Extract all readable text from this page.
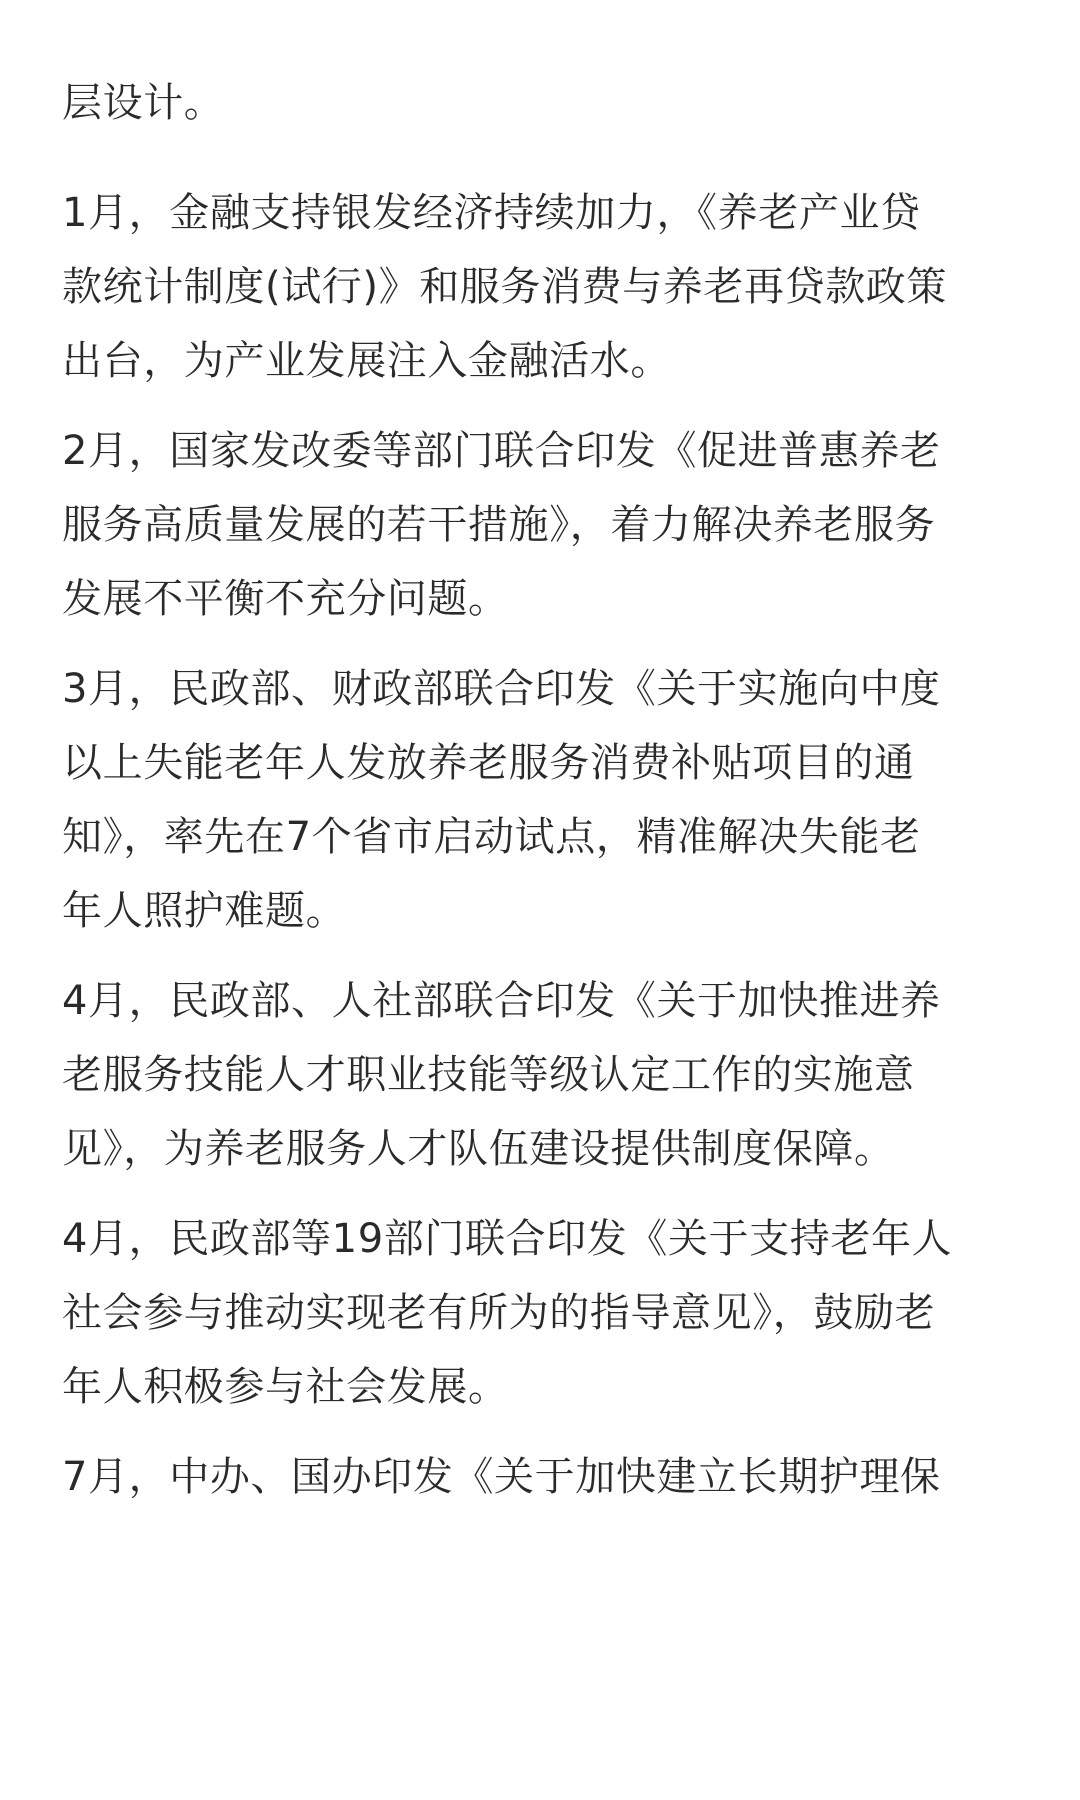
层设计。

1月，金融支持银发经济持续加力，《养老产业贷
款统计制度(试行)》和服务消费与养老再贷款政策
出台，为产业发展注入金融活水。

2月，国家发改委等部门联合印发《促进普惠养老
服务高质量发展的若干措施》，着力解决养老服务
发展不平衡不充分问题。

3月，民政部、财政部联合印发《关于实施向中度
以上失能老年人发放养老服务消费补贴项目的通
知》，率先在7个省市启动试点，精准解决失能老
年人照护难题。

4月，民政部、人社部联合印发《关于加快推进养
老服务技能人才职业技能等级认定工作的实施意
见》，为养老服务人才队伍建设提供制度保障。

4月，民政部等19部门联合印发《关于支持老年人
社会参与推动实现老有所为的指导意见》，鼓励老
年人积极参与社会发展。

7月，中办、国办印发《关于加快建立长期护理保
